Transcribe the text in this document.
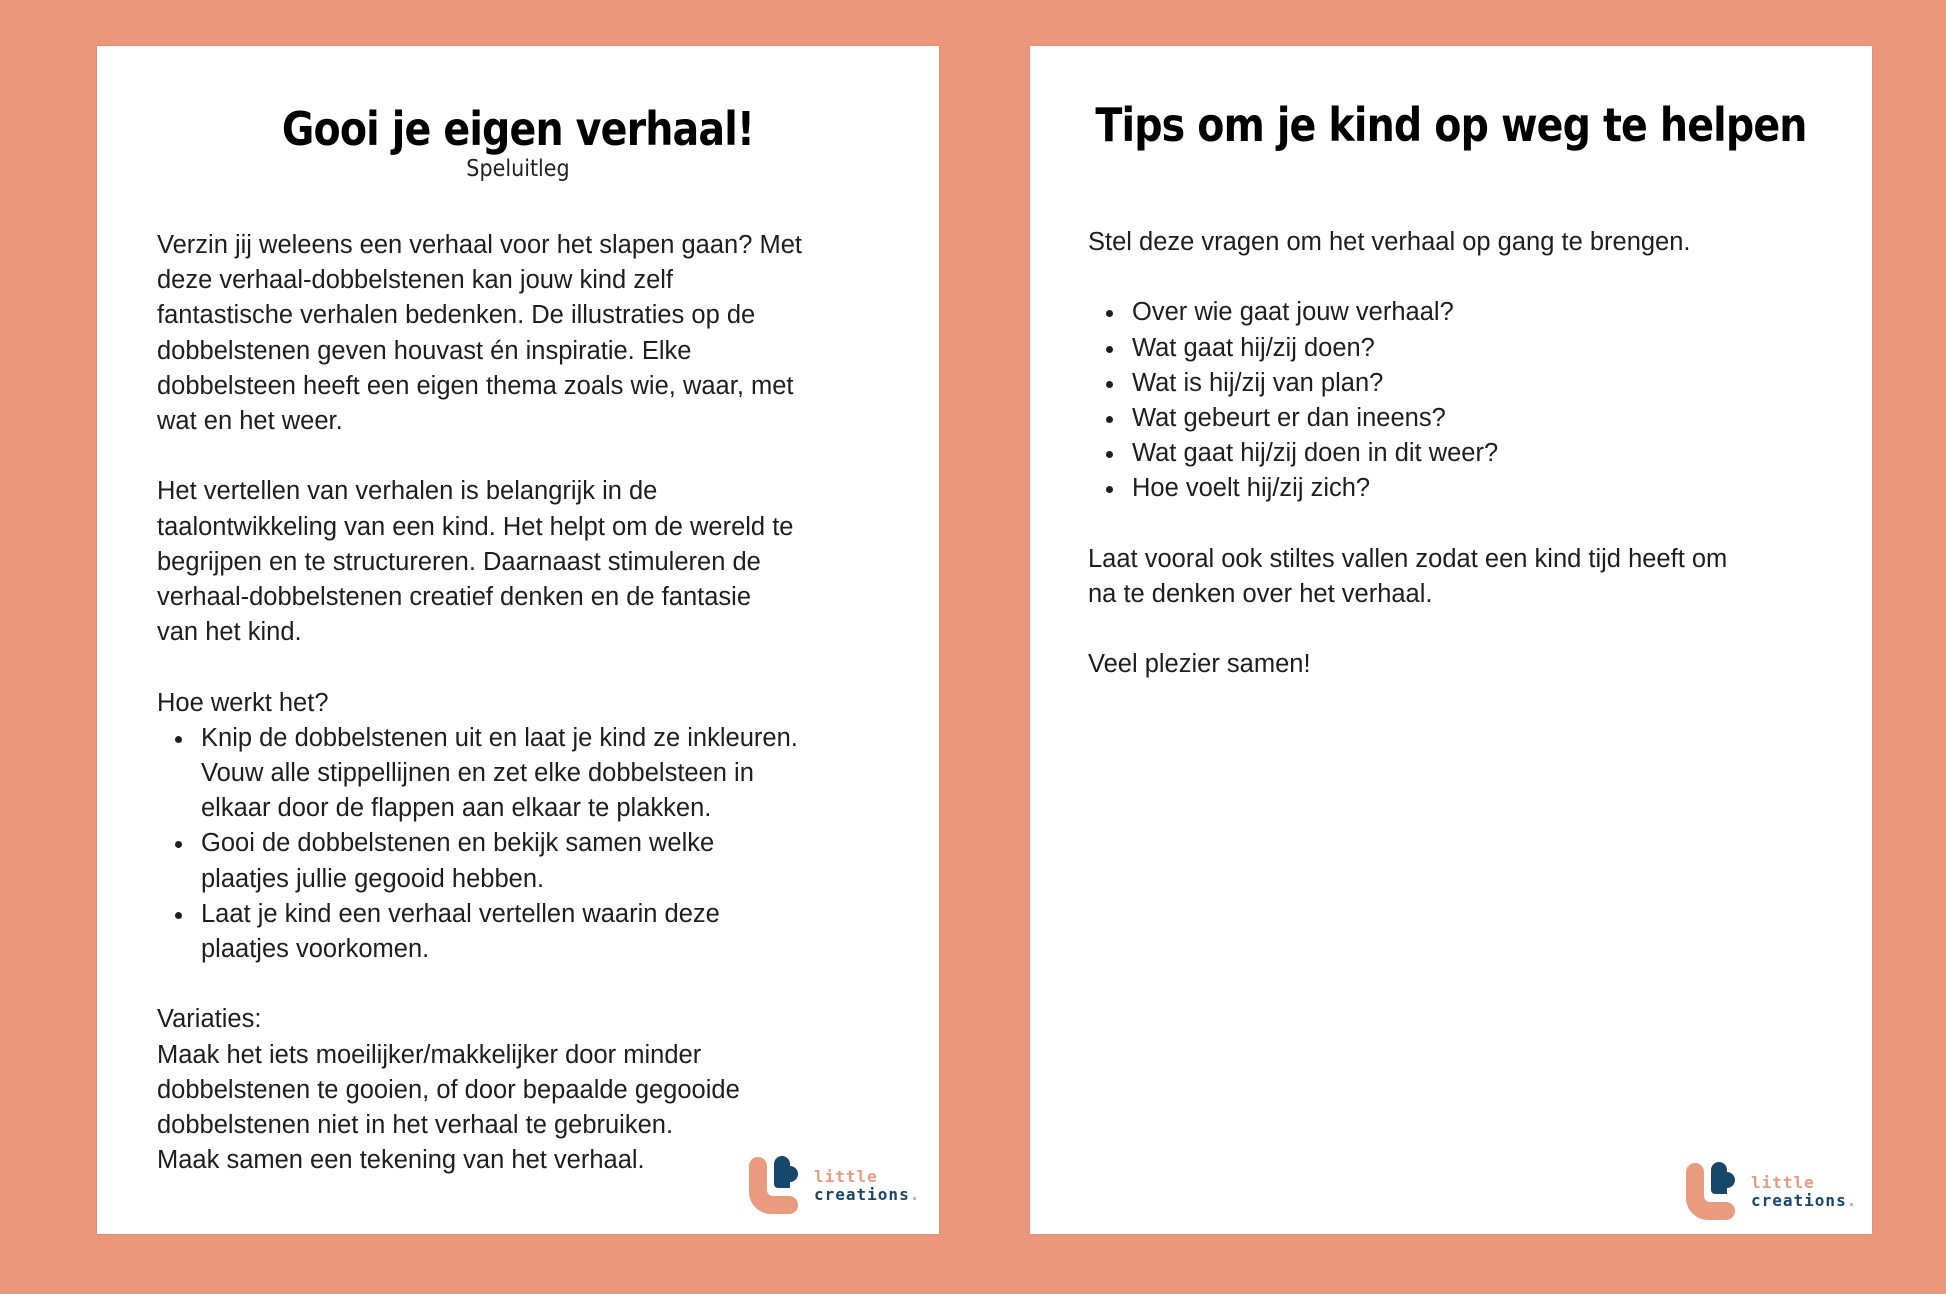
Gooi je eigen verhaal!
Speluitleg

Verzin jij weleens een verhaal voor het slapen gaan? Met
deze verhaal-dobbelstenen kan jouw kind zelf
fantastische verhalen bedenken. De illustraties op de
dobbelstenen geven houvast én inspiratie. Elke
dobbelsteen heeft een eigen thema zoals wie, waar, met
wat en het weer.

Het vertellen van verhalen is belangrijk in de
taalontwikkeling van een kind. Het helpt om de wereld te
begrijpen en te structureren. Daarnaast stimuleren de
verhaal-dobbelstenen creatief denken en de fantasie
van het kind.

Hoe werkt het?

Knip de dobbelstenen uit en laat je kind ze inkleuren.
Vouw alle stippellijnen en zet elke dobbelsteen in
elkaar door de flappen aan elkaar te plakken.
Gooi de dobbelstenen en bekijk samen welke
plaatjes jullie gegooid hebben.
Laat je kind een verhaal vertellen waarin deze
plaatjes voorkomen.

Variaties:

Maak het iets moeilijker/makkelijker door minder
dobbelstenen te gooien, of door bepaalde gegooide
dobbelstenen niet in het verhaal te gebruiken.
Maak samen een tekening van het verhaal.

little
creations.
Tips om je kind op weg te helpen

Stel deze vragen om het verhaal op gang te brengen.

Over wie gaat jouw verhaal?
Wat gaat hij/zij doen?
Wat is hij/zij van plan?
Wat gebeurt er dan ineens?
Wat gaat hij/zij doen in dit weer?
Hoe voelt hij/zij zich?

Laat vooral ook stiltes vallen zodat een kind tijd heeft om
na te denken over het verhaal.

Veel plezier samen!

little
creations.
